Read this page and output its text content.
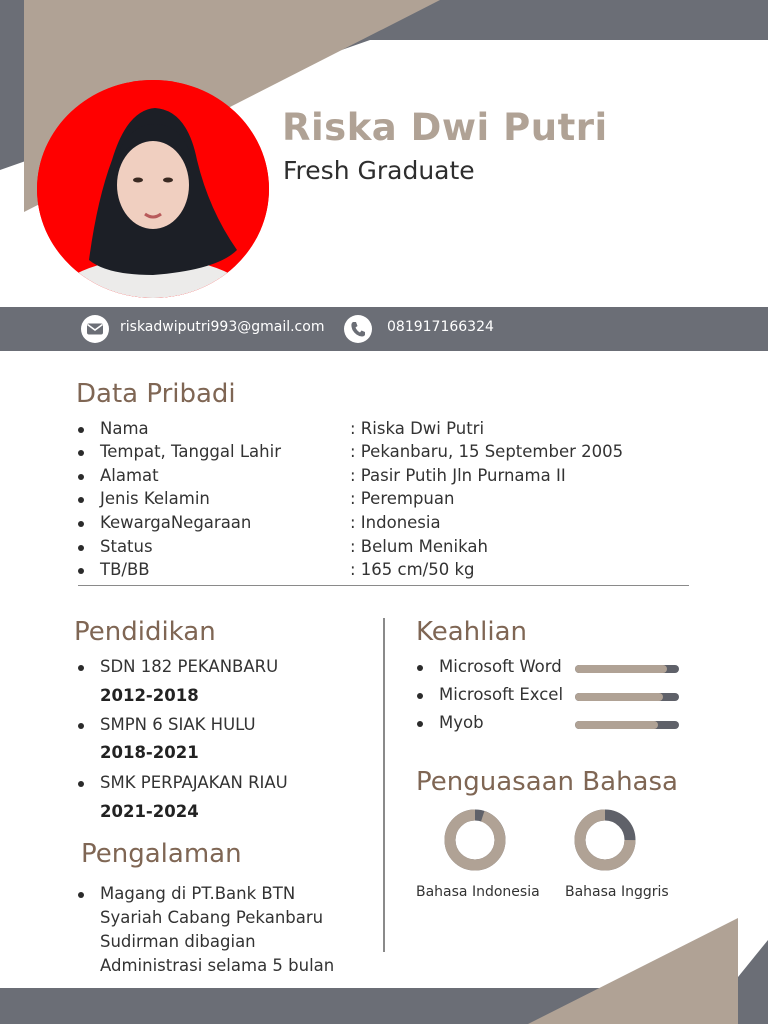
Riska Dwi Putri
Fresh Graduate
riskadwiputri993@gmail.com	081917166324
Data Pribadi
Nama	: Riska Dwi Putri
Tempat, Tanggal Lahir	: Pekanbaru, 15 September 2005
Alamat	: Pasir Putih Jln Purnama II
Jenis Kelamin	: Perempuan
KewargaNegaraan	: Indonesia
Status	: Belum Menikah
TB/BB	: 165 cm/50 kg
Pendidikan
SDN 182 PEKANBARU
2012-2018
SMPN 6 SIAK HULU
2018-2021
SMK PERPAJAKAN RIAU
2021-2024
Pengalaman
Magang di PT.Bank BTN
Syariah Cabang Pekanbaru
Sudirman dibagian
Administrasi selama 5 bulan
Keahlian
Microsoft Word
Microsoft Excel
Myob
Penguasaan Bahasa
Bahasa Indonesia Bahasa Inggris
